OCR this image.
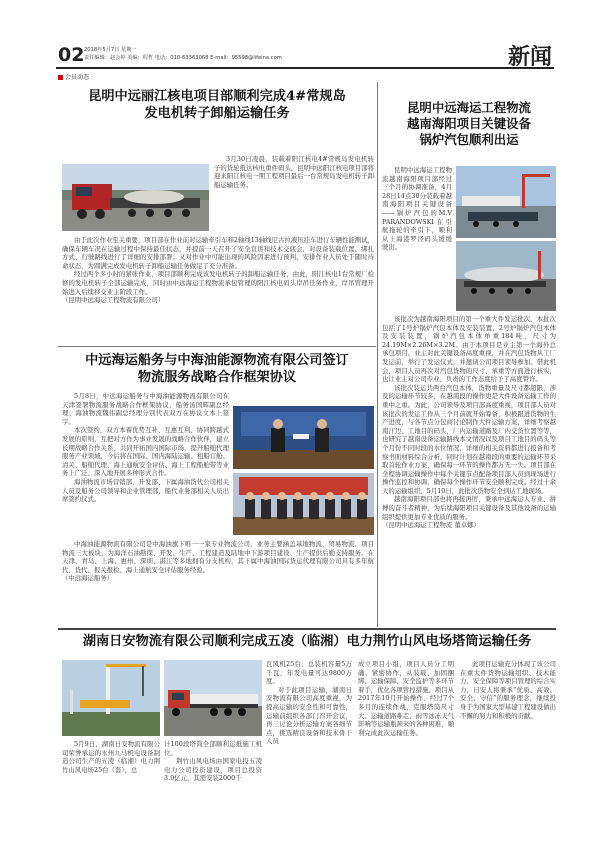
02 2018年5月7日 星期一
责任编辑：赵会婷 美编：程哲 电话：010-63363068 E-mail：95598@lifeina.com	新闻
会员动态
昆明中远丽江核电项目部顺利完成4#常规岛
发电机转子卸船运输任务

3月30日凌晨，装载着阳江核电4#常规岛发电机转子的货轮抵达核电重件码头，昆明中远阳江核电项目部将迎来阳江核电一期工程项目最后一台常规岛发电机转子卸船运输任务。

由于此次作业至关重要，项目部在作业前对运输牵引车和2轴线13轴线尼古拉液压挂车进行车辆性能测试，确保车辆车况在运输过程中保持最佳状态，并提前一天召开了安全宣讲和技术交底会，对设备装载位置、绑扎方式、行驶路线进行了详细的安排部署；又对作业中可能出现的风险因素进行预判，安排作业人员处于随时待命状态，为圆满完成发电机转子卸船运输任务做足了充分准备。

经过两个多小时的紧张作业，项目部顺利完成该发电机转子的卸船运输任务，由此，阳江核电1台常规厂检修的发电机转子全部运输完成，同时由中远海运工程物流承包管理的阳江核电码头岸吊任务作业，岸吊管理开始进入后续移交业主阶段工作。

（昆明中远海运工程物流有限公司）
中远海运船务与中海油能源物流有限公司签订
物流服务战略合作框架协议

5月8日，中远海运船务与中海油能源物流有限公司在天津签署物流服务战略合作框架协议，船务汤国辉副总经理、海油物流魏伟副总经理分别代表双方在协议文本上签字。

本次签约，双方本着优势互补、互惠互利、协同跨越式发展的原则，互把对方作为事业发展的战略合作伙伴，建立长期战略合作关系，共同开拓国内国际市场，提升船舶代理服务产业领域，今后将在国际、国内海陆运输、租船订舱、清关、船舶代理、海上通航安全评估、海上工程船舶带等业务上广泛、深入地开展多种形式合作。

海油物流市场营销部、开发部、下属海油货代公司相关人员及船务公司领导和企业管理部、船代业务部相关人员出席签约仪式。

中海油能源物流有限公司是中海油旗下唯一一家专业物流公司，业务主要涵盖基地物流、贸易物流、项目物流三大板块，为海洋石油勘探、开发、生产、工程建造及陆地中下游项目建设、生产提供后勤支持服务。在天津、青岛、上海、惠州、深圳、湛江等多地拥有分支机构，其下属中海油国际货运代理有限公司具有多年航代、货代、报关报检、海上通航安全评估服务经验。

（中远海运船务）
昆明中远海运工程物流
越南海阳项目关键设备
锅炉汽包顺利出运

昆明中远海运工程物流越南海阳项目部经过三个月的协调准备，4月28日14点30分装载着越南海阳项目关键设备——锅炉汽包的M.V PARANDOWSKI在引航拖轮的牵引下，顺利从上海港罗泾码头缓缓驶出。

该批次为越南海阳项目的第一个重大件发运批次，本批次包括了1号炉锅炉汽包本体及安装装置，2号炉锅炉汽包本体及安装装置，锅炉汽包本体单重184吨，尺寸为24.19M×2.26M×3.2M。由于本项目是业主第一个海外总承包项目，业主对此关键设备高度重视，并在汽包货物从工厂发运前，举行了发运仪式，并邀请公司项目领导参加。借此机会，项目人员再次对汽包货物的尺寸、承重等方面进行核实，也让业主对公司专业、负责的工作态度给予了高度赞许。

该批次装运共两台汽包本体，货物重量及尺寸都超限，涉及的运输环节较多，在越南段的操作更是大件设备运输工作的重中之重。为此，公司领导及项目部高度重视，项目部人员对该批次的发运工作从三个月前就开始筹备，积极跟进货物的生产进度，与各节点分包商讨论制作大件运输方案，详细考察越南江边、工地目的码头，厂内运输道路及厂内交货位置等等，也研究了越南设备运输路线本文情况以及项目工地目的码头等个月份不同时段的水位情况，详细的相关资料都进行报备和考察书面材料综合分析，同时计划在越南段的重要的运输环节采取首轮作业方案，确保每一环节的操作都万无一失。项目部在全程协调运输操作中每个关键节点配备项目部人员到现场进行操作监控和协调，确保每个操作环节安全顺利完成。经过十余天的运输组织，5月10日，此批次货物安全到达工地现场。

越南海阳项目部也将再接再厉，秉承中远海运人专业、拼搏的奋斗者精神，为后续海阳项目关键设备及其他设备的运输组织提供更加专业优质的服务。

（昆明中远海运工程物流 董卓娜）
湖南日安物流有限公司顺利完成五凌（临湘）电力荆竹山风电场塔筒运输任务

5月9日，湖南日安物流有限公司荣誉承运的永州九马机电设备制造公司生产的五凌（临湘）电力荆竹山风电场25台（套），总

计100段塔筒全部顺利运抵施工机位。

荆竹山风电场由国家电投五凌电力公司投资建设，项目总投资3.9亿元，其需安装2000千

瓦风机25台，总装机容量5万千瓦，年发电量可达9800万度。

对于此项目运输，湖南日安物流有限公司高度重视，为提高运输的安全性和可靠性，运输前组织各部门召开会议，再三讨论分析运输方案各细节点，挑选精良设备和技术骨干人员

成立项目小组，项目人员分工明确、紧密协作，从装载、加固捆绑、运输保障、安全监护等多环节着手，优化各项管控措施。项目从2017年10月开始操作，经过7个多月的连续作战，克服塔筒尺寸大、运输道路难走、雨雪冰冻天气影响等运输瓶颈来的各种困难，顺利完成此次运输任务。

此项目运输充分体现了该公司在重大件货物运输组织、技术能力、安全保障等项目管理的综合实力，日安人将秉承“优质、高效、安全、守信”的服务理念，继续投身于为国家大型基建工程建设做出不懈的努力和积极的贡献。
